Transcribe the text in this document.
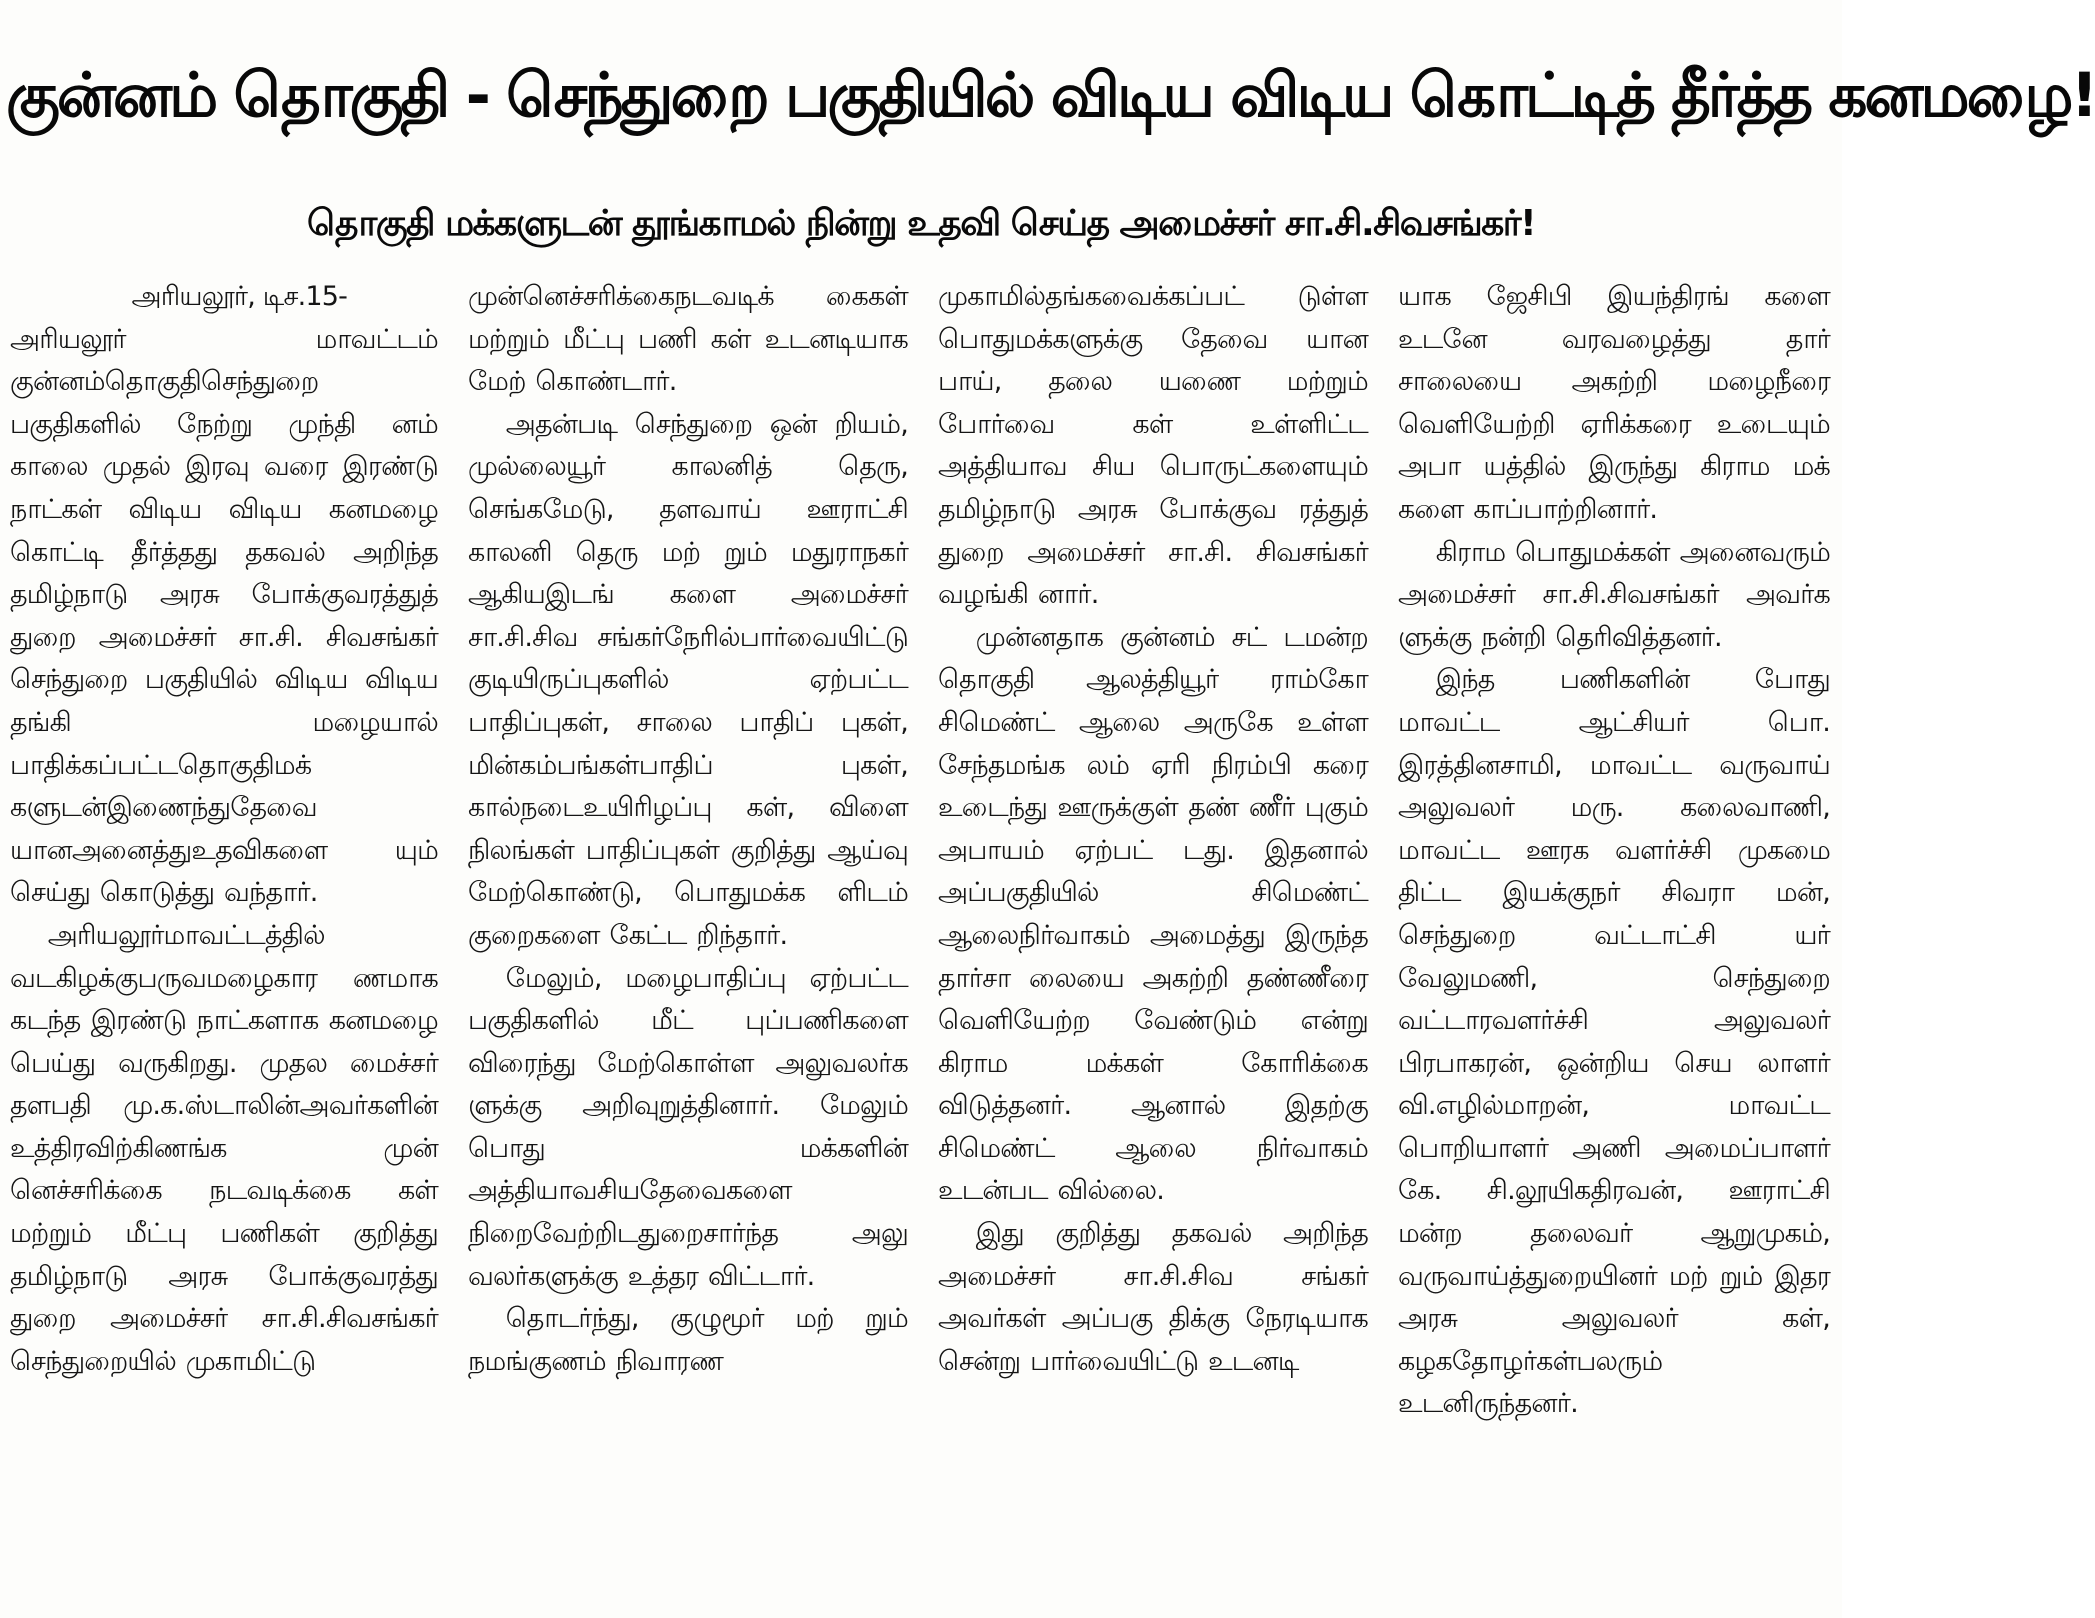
குன்னம் தொகுதி - செந்துறை பகுதியில் விடிய விடிய கொட்டித் தீர்த்த கனமழை!
தொகுதி மக்களுடன் தூங்காமல் நின்று உதவி செய்த அமைச்சர் சா.சி.சிவசங்கர்!

அரியலூர், டிச.15-

அரியலூர் மாவட்டம் குன்னம்தொகுதிசெந்துறை பகுதிகளில் நேற்று முந்தி னம் காலை முதல் இரவு வரை இரண்டு நாட்கள் விடிய விடிய கனமழை கொட்டி தீர்த்தது தகவல் அறிந்த தமிழ்நாடு அரசு போக்குவரத்துத் துறை அமைச்சர் சா.சி. சிவசங்கர் செந்துறை பகுதியில் விடிய விடிய தங்கி மழையால் பாதிக்கப்பட்டதொகுதிமக் களுடன்இணைந்துதேவை யானஅனைத்துஉதவிகளை யும் செய்து கொடுத்து வந்தார்.

அரியலூர்மாவட்டத்தில் வடகிழக்குபருவமழைகார ணமாக கடந்த இரண்டு நாட்களாக கனமழை பெய்து வருகிறது. முதல மைச்சர் தளபதி மு.க.ஸ்டாலின்அவர்களின் உத்திரவிற்கிணங்க முன் னெச்சரிக்கை நடவடிக்கை கள் மற்றும் மீட்பு பணிகள் குறித்து தமிழ்நாடு அரசு போக்குவரத்து துறை அமைச்சர் சா.சி.சிவசங்கர் செந்துறையில் முகாமிட்டு

முன்னெச்சரிக்கைநடவடிக் கைகள் மற்றும் மீட்பு பணி கள் உடனடியாக மேற் கொண்டார்.

அதன்படி செந்துறை ஒன் றியம், முல்லையூர் காலனித் தெரு, செங்கமேடு, தளவாய் ஊராட்சி காலனி தெரு மற் றும் மதுராநகர் ஆகியஇடங் களை அமைச்சர் சா.சி.சிவ சங்கர்நேரில்பார்வையிட்டு குடியிருப்புகளில் ஏற்பட்ட பாதிப்புகள், சாலை பாதிப் புகள், மின்கம்பங்கள்பாதிப் புகள், கால்நடைஉயிரிழப்பு கள், விளை நிலங்கள் பாதிப்புகள் குறித்து ஆய்வு மேற்கொண்டு, பொதுமக்க ளிடம் குறைகளை கேட்ட றிந்தார்.

மேலும், மழைபாதிப்பு ஏற்பட்ட பகுதிகளில் மீட் புப்பணிகளை விரைந்து மேற்கொள்ள அலுவலர்க ளுக்கு அறிவுறுத்தினார். மேலும் பொது மக்களின் அத்தியாவசியதேவைகளை நிறைவேற்றிடதுறைசார்ந்த அலு வலர்களுக்கு உத்தர விட்டார்.

தொடர்ந்து, குழுமூர் மற் றும் நமங்குணம் நிவாரண

முகாமில்தங்கவைக்கப்பட் டுள்ள பொதுமக்களுக்கு தேவை யான பாய், தலை யணை மற்றும் போர்வை கள் உள்ளிட்ட அத்தியாவ சிய பொருட்களையும் தமிழ்நாடு அரசு போக்குவ ரத்துத் துறை அமைச்சர் சா.சி. சிவசங்கர் வழங்கி னார்.

முன்னதாக குன்னம் சட் டமன்ற தொகுதி ஆலத்தியூர் ராம்கோ சிமெண்ட் ஆலை அருகே உள்ள சேந்தமங்க லம் ஏரி நிரம்பி கரை உடைந்து ஊருக்குள் தண் ணீர் புகும் அபாயம் ஏற்பட் டது. இதனால் அப்பகுதியில் சிமெண்ட் ஆலைநிர்வாகம் அமைத்து இருந்த தார்சா லையை அகற்றி தண்ணீரை வெளியேற்ற வேண்டும் என்று கிராம மக்கள் கோரிக்கை விடுத்தனர். ஆனால் இதற்கு சிமெண்ட் ஆலை நிர்வாகம் உடன்பட வில்லை.

இது குறித்து தகவல் அறிந்த அமைச்சர் சா.சி.சிவ சங்கர் அவர்கள் அப்பகு திக்கு நேரடியாக சென்று பார்வையிட்டு உடனடி

யாக ஜேசிபி இயந்திரங் களை உடனே வரவழைத்து தார் சாலையை அகற்றி மழைநீரை வெளியேற்றி ஏரிக்கரை உடையும் அபா யத்தில் இருந்து கிராம மக் களை காப்பாற்றினார்.

கிராம பொதுமக்கள் அனைவரும் அமைச்சர் சா.சி.சிவசங்கர் அவர்க ளுக்கு நன்றி தெரிவித்தனர்.

இந்த பணிகளின் போது மாவட்ட ஆட்சியர் பொ. இரத்தினசாமி, மாவட்ட வருவாய் அலுவலர் மரு. கலைவாணி, மாவட்ட ஊரக வளர்ச்சி முகமை திட்ட இயக்குநர் சிவரா மன், செந்துறை வட்டாட்சி யர் வேலுமணி, செந்துறை வட்டாரவளர்ச்சி அலுவலர் பிரபாகரன், ஒன்றிய செய லாளர் வி.எழில்மாறன், மாவட்ட பொறியாளர் அணி அமைப்பாளர் கே. சி.லூயிகதிரவன், ஊராட்சி மன்ற தலைவர் ஆறுமுகம், வருவாய்த்துறையினர் மற் றும் இதர அரசு அலுவலர் கள், கழகதோழர்கள்பலரும் உடனிருந்தனர்.
